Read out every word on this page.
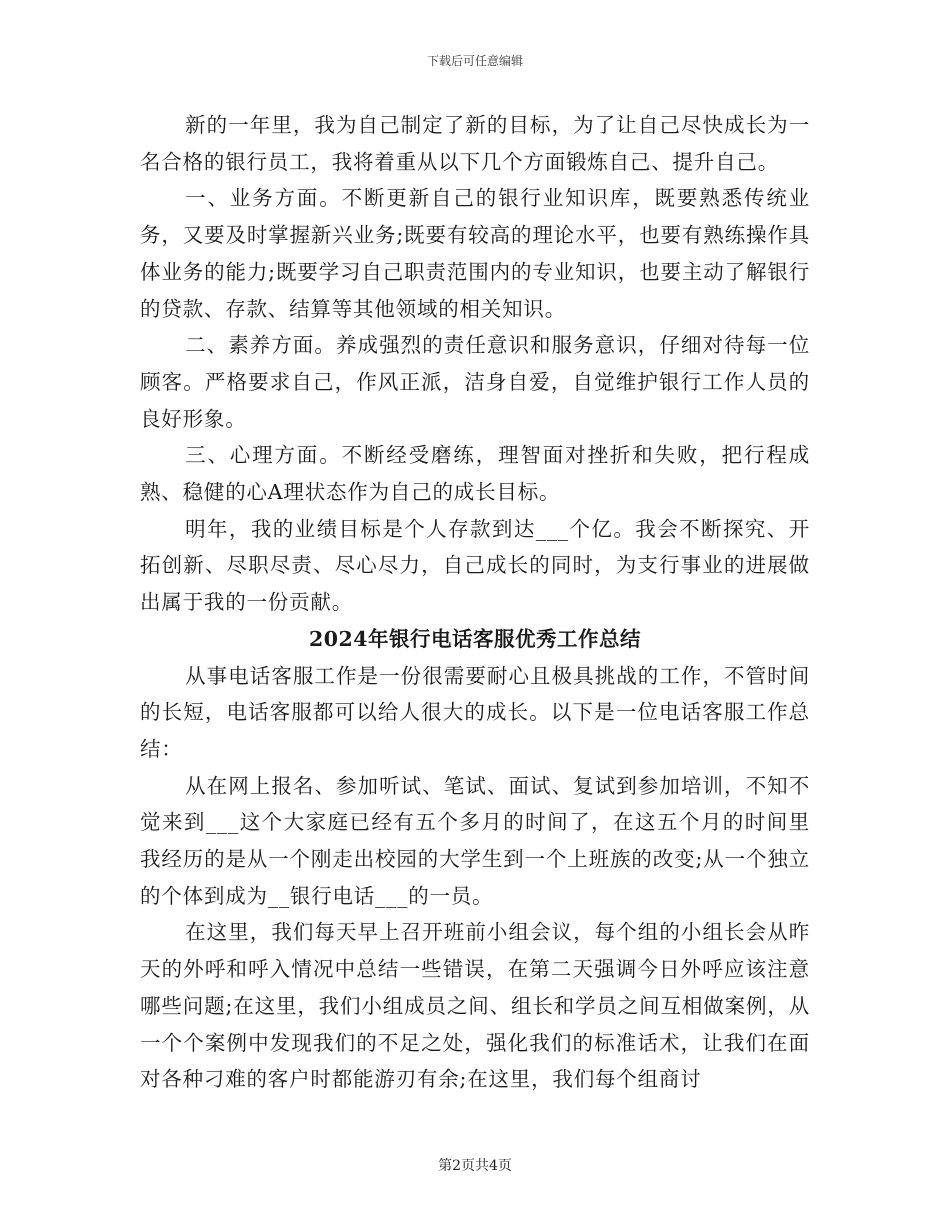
下载后可任意编辑

新的一年里，我为自己制定了新的目标，为了让自己尽快成长为一名合格的银行员工，我将着重从以下几个方面锻炼自己、提升自己。

一、业务方面。不断更新自己的银行业知识库，既要熟悉传统业务，又要及时掌握新兴业务;既要有较高的理论水平，也要有熟练操作具体业务的能力;既要学习自己职责范围内的专业知识，也要主动了解银行的贷款、存款、结算等其他领域的相关知识。

二、素养方面。养成强烈的责任意识和服务意识，仔细对待每一位顾客。严格要求自己，作风正派，洁身自爱，自觉维护银行工作人员的良好形象。

三、心理方面。不断经受磨练，理智面对挫折和失败，把行程成熟、稳健的心A理状态作为自己的成长目标。

明年，我的业绩目标是个人存款到达___个亿。我会不断探究、开拓创新、尽职尽责、尽心尽力，自己成长的同时，为支行事业的进展做出属于我的一份贡献。

2024年银行电话客服优秀工作总结

从事电话客服工作是一份很需要耐心且极具挑战的工作，不管时间的长短，电话客服都可以给人很大的成长。以下是一位电话客服工作总结：

从在网上报名、参加听试、笔试、面试、复试到参加培训，不知不觉来到___这个大家庭已经有五个多月的时间了，在这五个月的时间里我经历的是从一个刚走出校园的大学生到一个上班族的改变;从一个独立的个体到成为__银行电话___的一员。

在这里，我们每天早上召开班前小组会议，每个组的小组长会从昨天的外呼和呼入情况中总结一些错误，在第二天强调今日外呼应该注意哪些问题;在这里，我们小组成员之间、组长和学员之间互相做案例，从一个个案例中发现我们的不足之处，强化我们的标准话术，让我们在面对各种刁难的客户时都能游刃有余;在这里，我们每个组商讨

第2页共4页
